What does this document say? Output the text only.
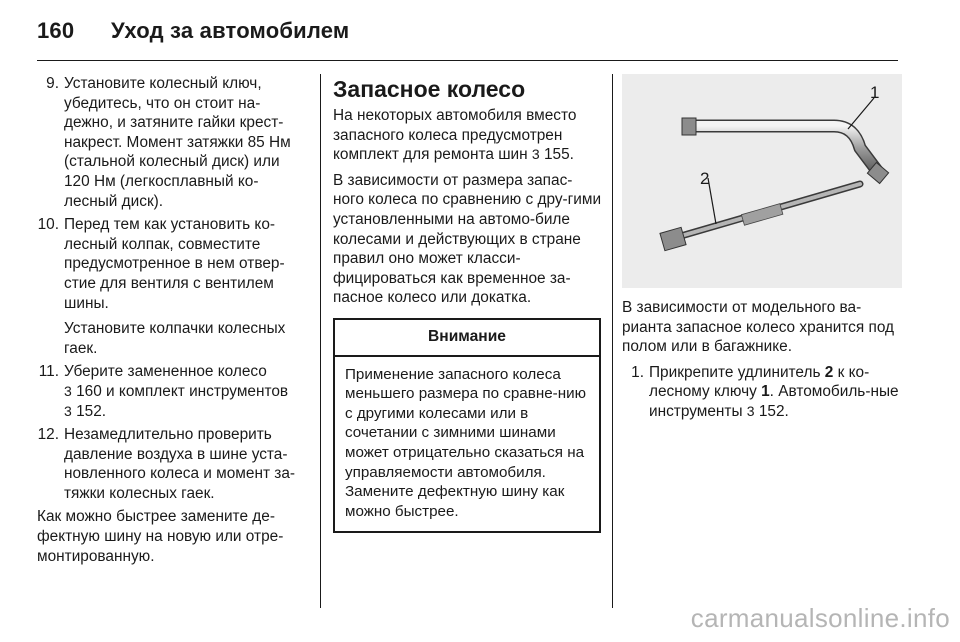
160 Уход за автомобилем
9. Установите колесный ключ, убедитесь, что он стоит на-дежно, и затяните гайки крест-накрест. Момент затяжки 85 Нм (стальной колесный диск) или 120 Нм (легкосплавный ко-лесный диск).
10. Перед тем как установить ко-лесный колпак, совместите предусмотренное в нем отвер-стие для вентиля с вентилем шины.
Установите колпачки колесных гаек.
11. Уберите замененное колесо
3 160 и комплект инструментов
3 152.
12. Незамедлительно проверить давление воздуха в шине уста-новленного колеса и момент за-тяжки колесных гаек.

Как можно быстрее замените де-фектную шину на новую или отре-монтированную.

Запасное колесо

На некоторых автомобиля вместо запасного колеса предусмотрен комплект для ремонта шин 3 155.

В зависимости от размера запас-ного колеса по сравнению с дру-гими установленными на автомо-биле колесами и действующих в стране правил оно может класси-фицироваться как временное за-пасное колесо или докатка.

Внимание
Применение запасного колеса меньшего размера по сравне-нию с другими колесами или в сочетании с зимними шинами может отрицательно сказаться на управляемости автомобиля. Замените дефектную шину как можно быстрее.
1
2

В зависимости от модельного ва-рианта запасное колесо хранится под полом или в багажнике.

1. Прикрепите удлинитель 2 к ко-лесному ключу 1. Автомобиль-ные инструменты 3 152.
carmanualsonline.info
